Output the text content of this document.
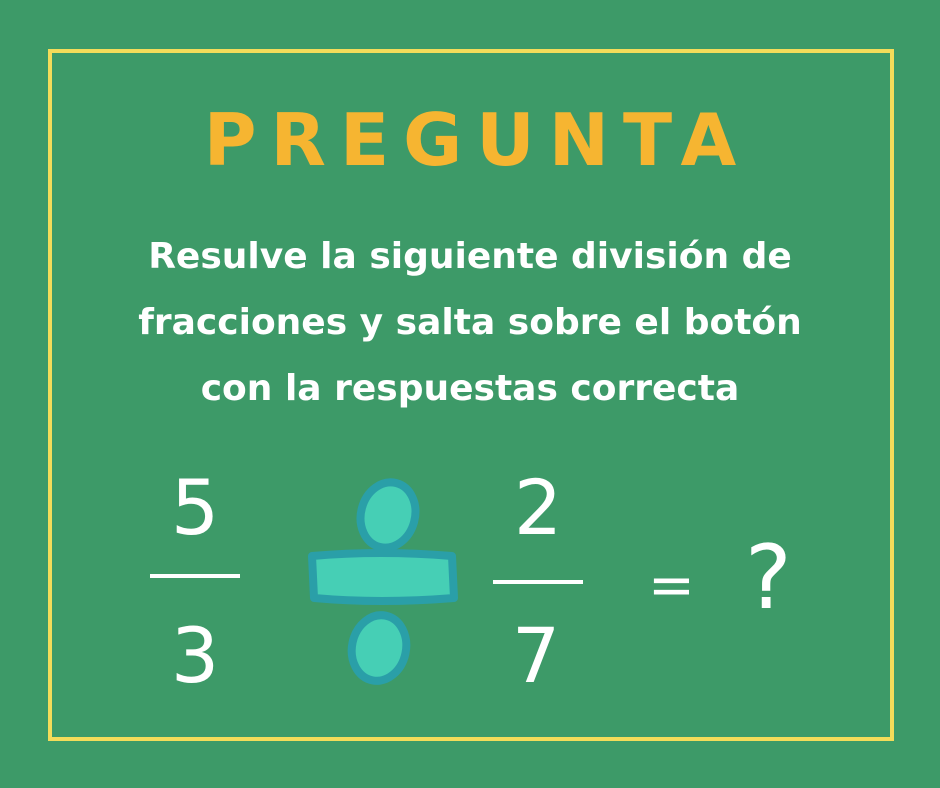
PREGUNTA
Resulve la siguiente división de
fracciones y salta sobre el botón
con la respuestas correcta
5
3
2
7
= ?
